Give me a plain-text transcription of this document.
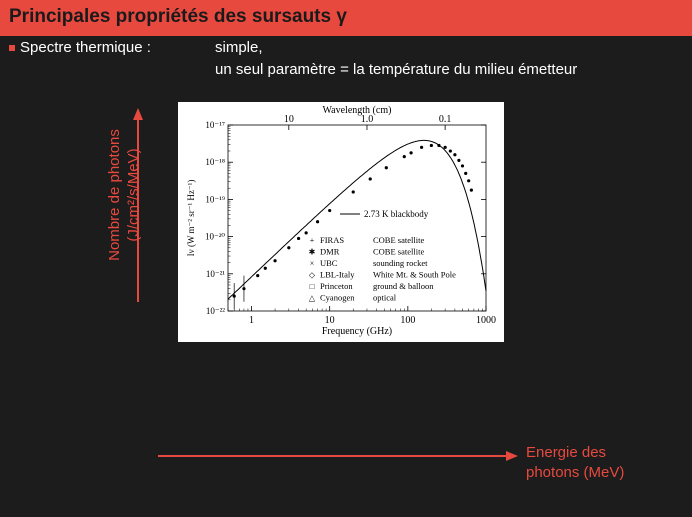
Principales propriétés des sursauts γ
Spectre thermique :	simple,
un seul paramètre = la température du milieu émetteur
10⁻¹⁷
10⁻¹⁸
10⁻¹⁹
10⁻²⁰
10⁻²¹
10⁻²²
1	10	100	1000
10	1.0	0.1
Frequency (GHz)
Wavelength (cm)
Iν (W m⁻² sr⁻¹ Hz⁻¹)	2.73 K blackbody
+ FIRAS	COBE satellite
✱ DMR	COBE satellite
× UBC	sounding rocket
◇ LBL-Italy White Mt. & South Pole
□ Princeton ground & balloon
△ Cyanogen optical
Nombre de photons (J/cm²/s/MeV)
Energie des
photons (MeV)
